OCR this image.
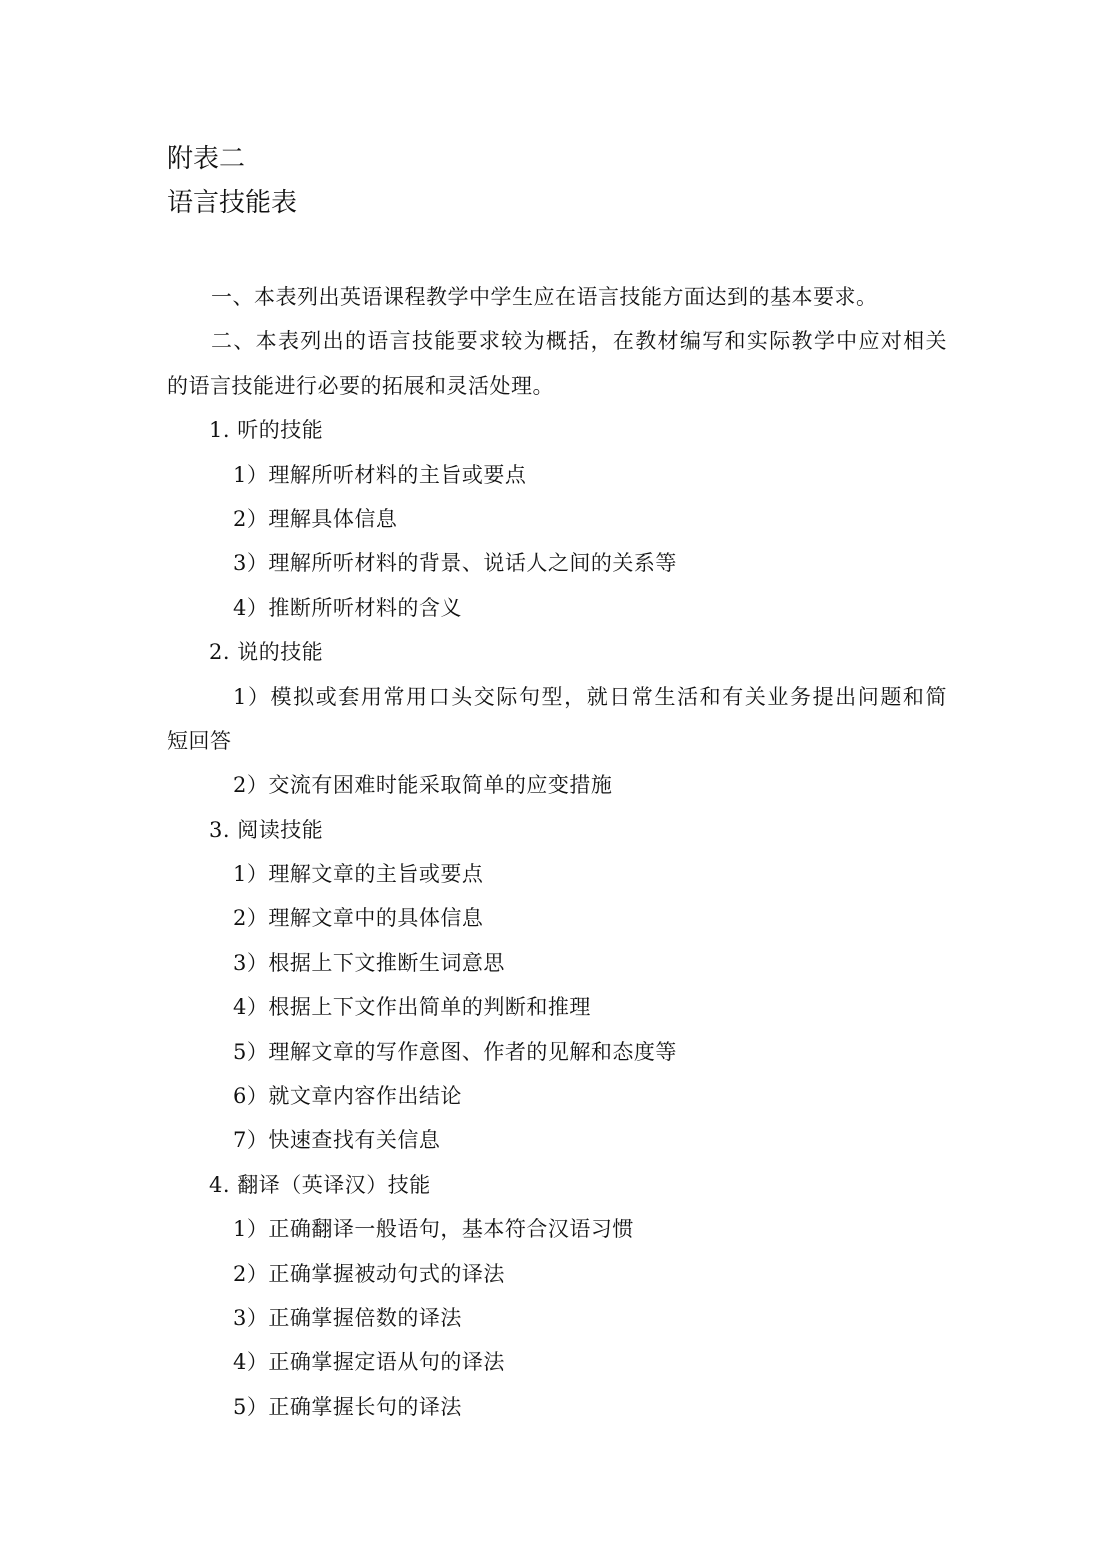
附表二
语言技能表
一、本表列出英语课程教学中学生应在语言技能方面达到的基本要求。
二、本表列出的语言技能要求较为概括，在教材编写和实际教学中应对相关
的语言技能进行必要的拓展和灵活处理。
1. 听的技能
1）理解所听材料的主旨或要点
2）理解具体信息
3）理解所听材料的背景、说话人之间的关系等
4）推断所听材料的含义
2. 说的技能
1）模拟或套用常用口头交际句型，就日常生活和有关业务提出问题和简
短回答
2）交流有困难时能采取简单的应变措施
3. 阅读技能
1）理解文章的主旨或要点
2）理解文章中的具体信息
3）根据上下文推断生词意思
4）根据上下文作出简单的判断和推理
5）理解文章的写作意图、作者的见解和态度等
6）就文章内容作出结论
7）快速查找有关信息
4. 翻译（英译汉）技能
1）正确翻译一般语句，基本符合汉语习惯
2）正确掌握被动句式的译法
3）正确掌握倍数的译法
4）正确掌握定语从句的译法
5）正确掌握长句的译法
